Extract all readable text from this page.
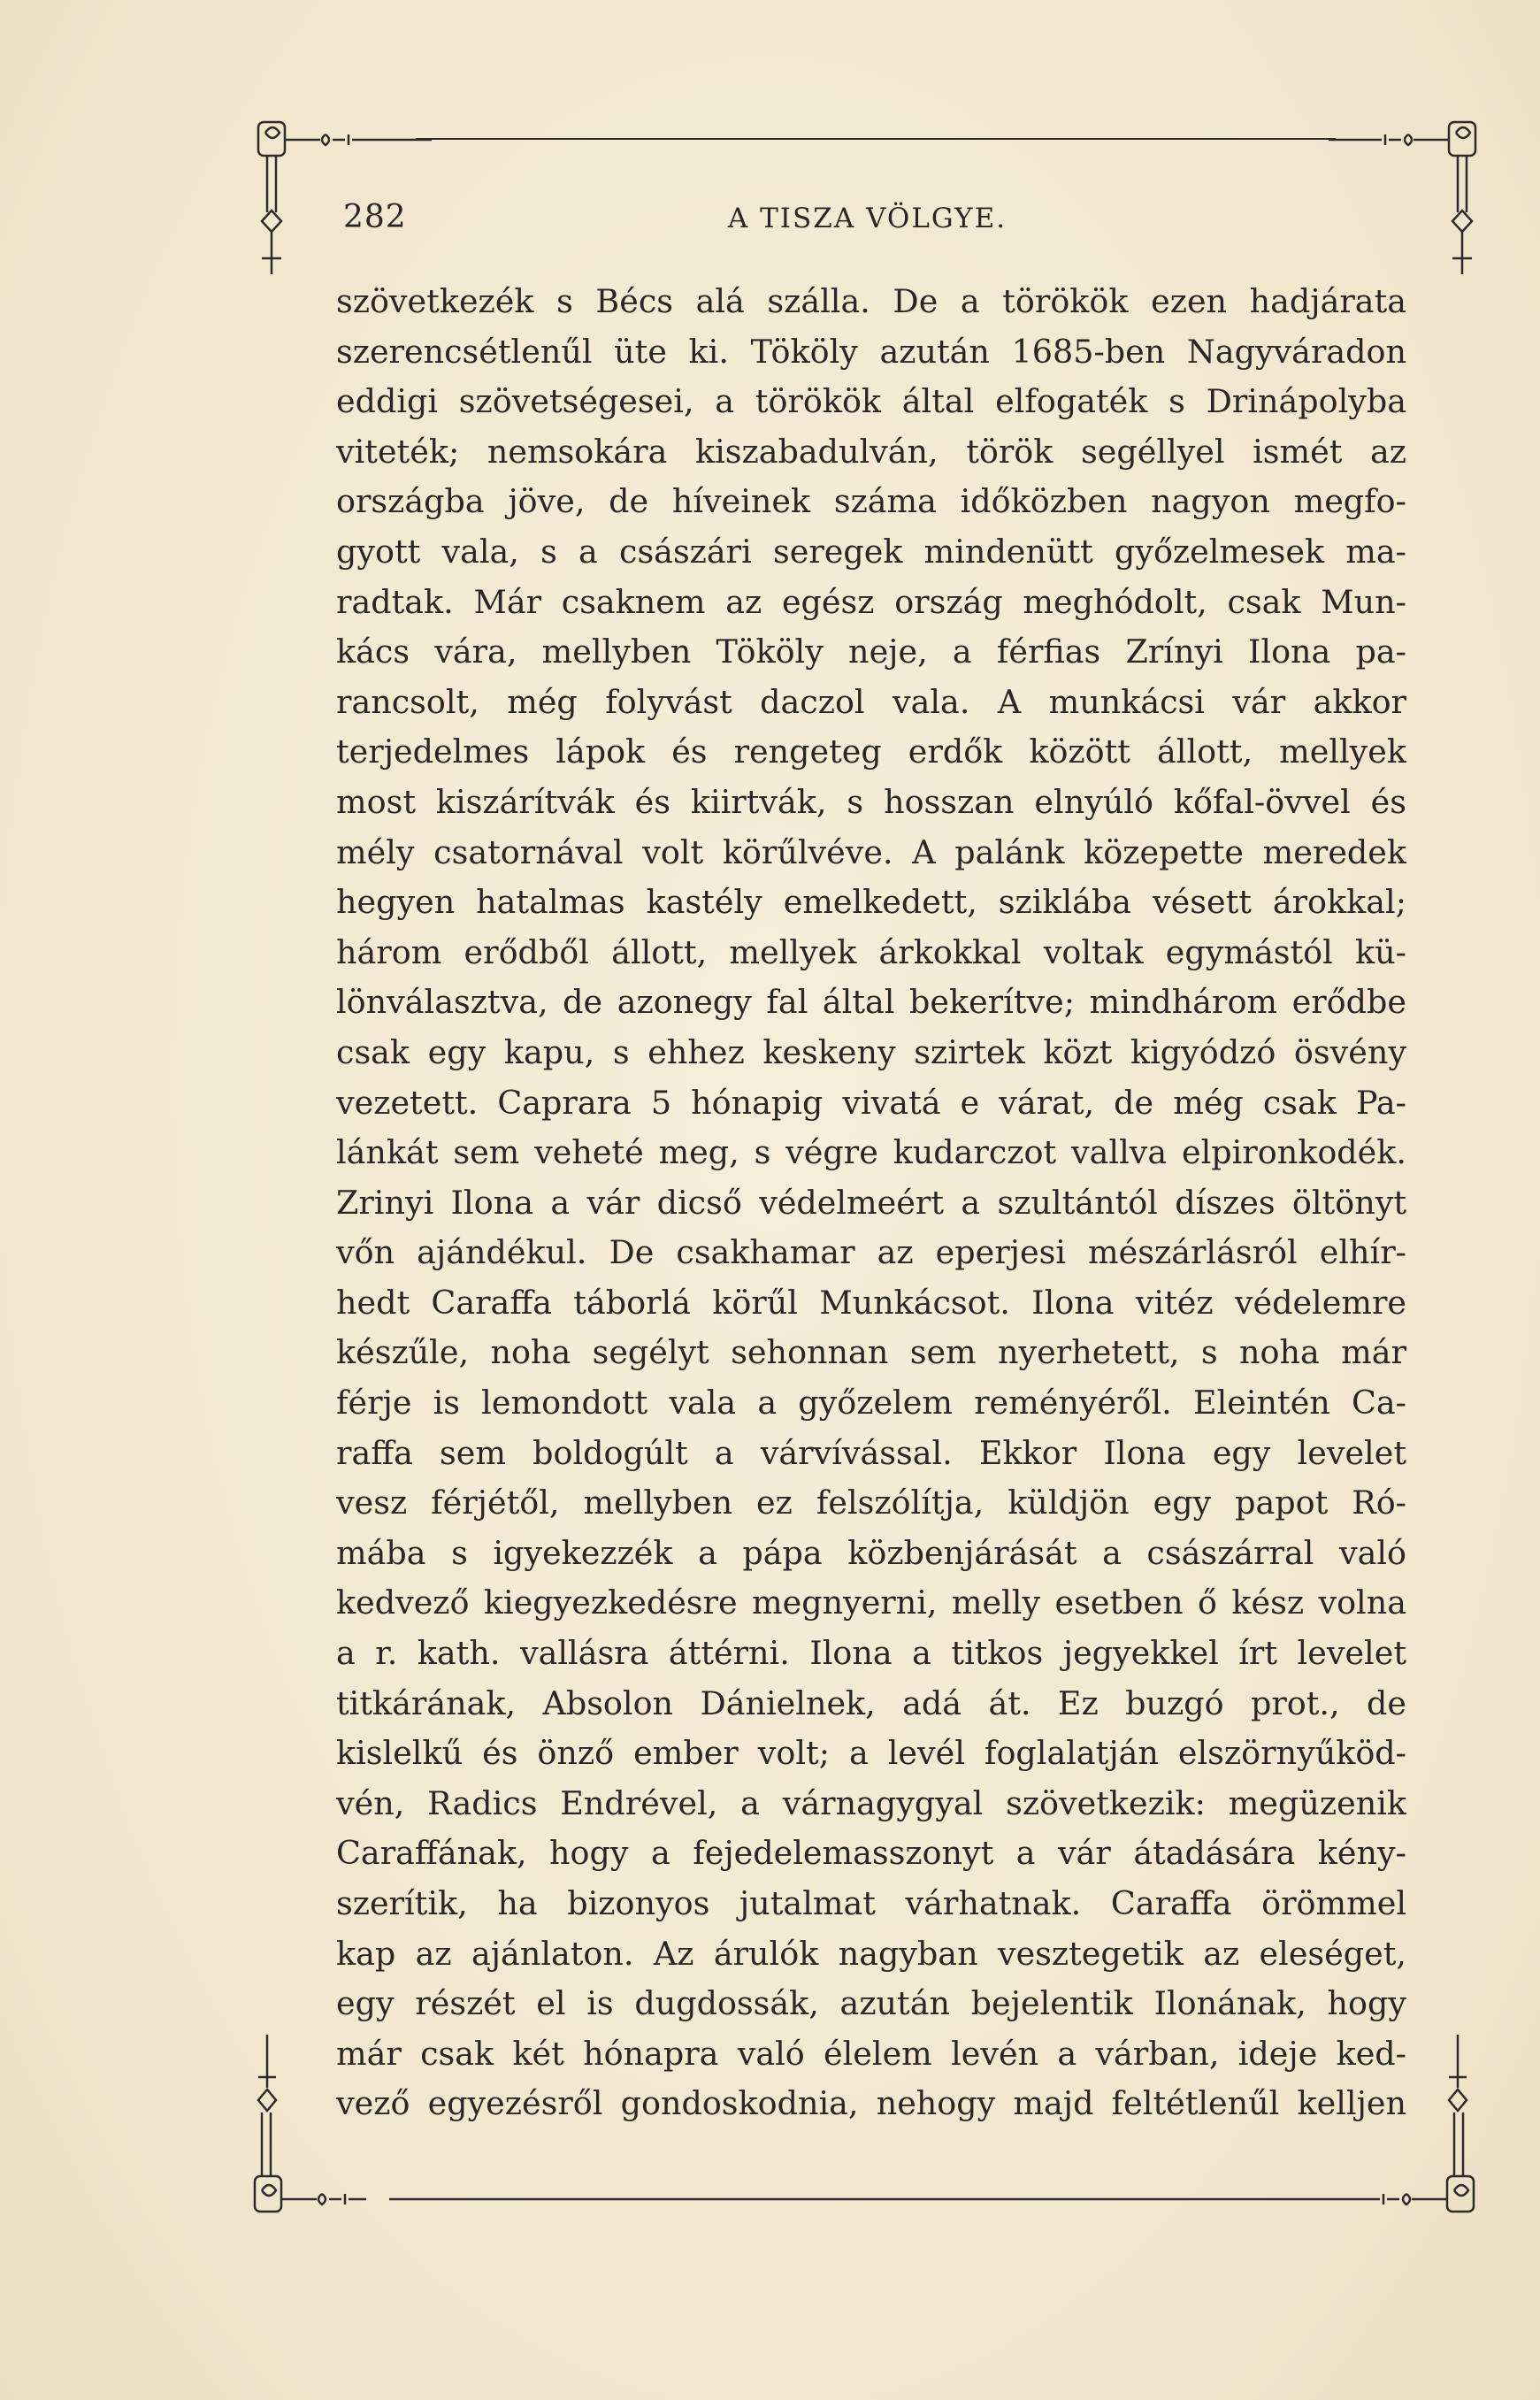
282	A TISZA VÖLGYE.
szövetkezék s Bécs alá szálla. De a törökök ezen hadjárata
szerencsétlenűl üte ki. Tököly azután 1685-ben Nagyváradon
eddigi szövetségesei, a törökök által elfogaték s Drinápolyba
viteték; nemsokára kiszabadulván, török segéllyel ismét az
országba jöve, de híveinek száma időközben nagyon megfo-
gyott vala, s a császári seregek mindenütt győzelmesek ma-
radtak. Már csaknem az egész ország meghódolt, csak Mun-
kács vára, mellyben Tököly neje, a férfias Zrínyi Ilona pa-
rancsolt, még folyvást daczol vala. A munkácsi vár akkor
terjedelmes lápok és rengeteg erdők között állott, mellyek
most kiszárítvák és kiirtvák, s hosszan elnyúló kőfal-övvel és
mély csatornával volt körűlvéve. A palánk közepette meredek
hegyen hatalmas kastély emelkedett, sziklába vésett árokkal;
három erődből állott, mellyek árkokkal voltak egymástól kü-
lönválasztva, de azonegy fal által bekerítve; mindhárom erődbe
csak egy kapu, s ehhez keskeny szirtek közt kigyódzó ösvény
vezetett. Caprara 5 hónapig vivatá e várat, de még csak Pa-
lánkát sem veheté meg, s végre kudarczot vallva elpironkodék.
Zrinyi Ilona a vár dicső védelmeért a szultántól díszes öltönyt
vőn ajándékul. De csakhamar az eperjesi mészárlásról elhír-
hedt Caraffa táborlá körűl Munkácsot. Ilona vitéz védelemre
készűle, noha segélyt sehonnan sem nyerhetett, s noha már
férje is lemondott vala a győzelem reményéről. Eleintén Ca-
raffa sem boldogúlt a várvívással. Ekkor Ilona egy levelet
vesz férjétől, mellyben ez felszólítja, küldjön egy papot Ró-
mába s igyekezzék a pápa közbenjárását a császárral való
kedvező kiegyezkedésre megnyerni, melly esetben ő kész volna
a r. kath. vallásra áttérni. Ilona a titkos jegyekkel írt levelet
titkárának, Absolon Dánielnek, adá át. Ez buzgó prot., de
kislelkű és önző ember volt; a levél foglalatján elszörnyűköd-
vén, Radics Endrével, a várnagygyal szövetkezik: megüzenik
Caraffának, hogy a fejedelemasszonyt a vár átadására kény-
szerítik, ha bizonyos jutalmat várhatnak. Caraffa örömmel
kap az ajánlaton. Az árulók nagyban vesztegetik az eleséget,
egy részét el is dugdossák, azután bejelentik Ilonának, hogy
már csak két hónapra való élelem levén a várban, ideje ked-
vező egyezésről gondoskodnia, nehogy majd feltétlenűl kelljen
